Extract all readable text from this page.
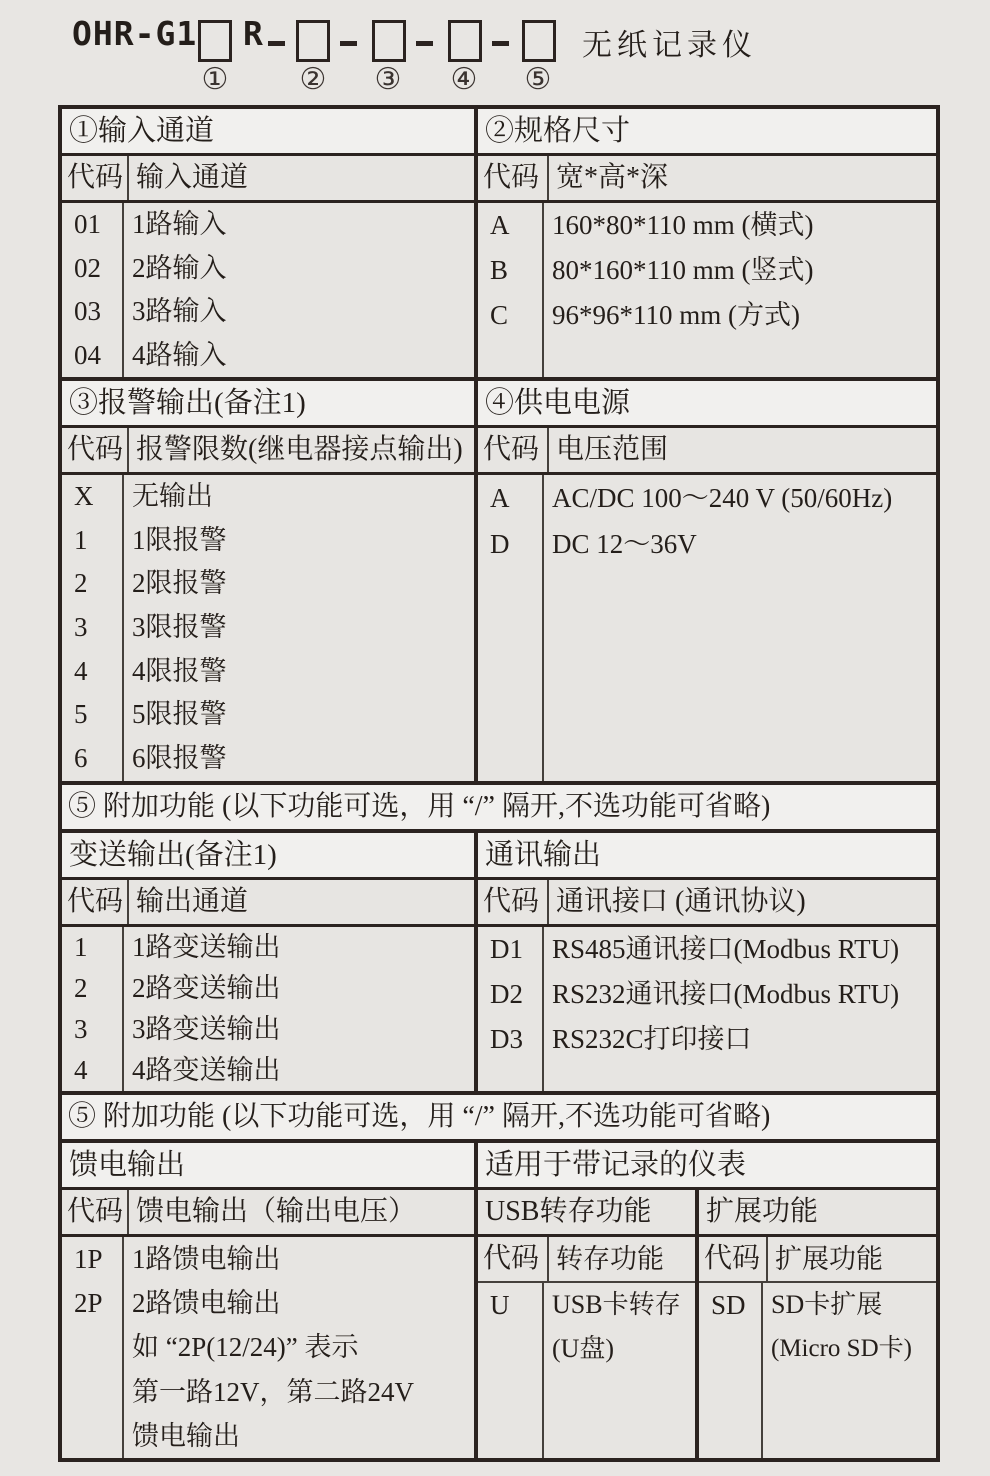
OHR-G1 R	无纸记录仪
① ② ③ ④ ⑤
①输入通道
代码 输入通道
01
02
03
04
1路输入
2路输入
3路输入
4路输入
②规格尺寸
代码 宽*高*深
A
B
C
160*80*110 mm (横式)
80*160*110 mm (竖式)
96*96*110 mm (方式)
③报警输出(备注1)
代码 报警限数(继电器接点输出)
X
1
2
3
4
5
6
无输出
1限报警
2限报警
3限报警
4限报警
5限报警
6限报警
④供电电源
代码 电压范围
A
D
AC/DC 100～240 V (50/60Hz)
DC 12～36V
⑤ 附加功能 (以下功能可选，用 “/” 隔开,不选功能可省略)
变送输出(备注1)
代码 输出通道
1
2
3
4
1路变送输出
2路变送输出
3路变送输出
4路变送输出
通讯输出
代码 通讯接口 (通讯协议)
D1
D2
D3
RS485通讯接口(Modbus RTU)
RS232通讯接口(Modbus RTU)
RS232C打印接口
⑤ 附加功能 (以下功能可选，用 “/” 隔开,不选功能可省略)
馈电输出
代码 馈电输出（输出电压）
1P
2P
1路馈电输出
2路馈电输出
如 “2P(12/24)” 表示
第一路12V，第二路24V
馈电输出
适用于带记录的仪表
USB转存功能
代码 转存功能
U	USB卡转存
(U盘)
扩展功能
代码 扩展功能
SD SD卡扩展
(Micro SD卡)
